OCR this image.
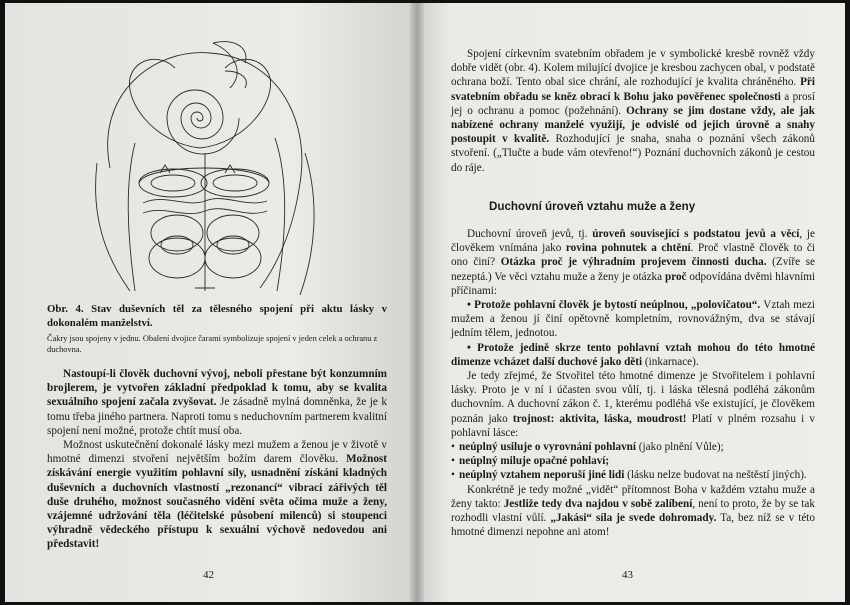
Obr. 4. Stav duševních těl za tělesného spojení při aktu lásky v dokonalém manželství.
Čakry jsou spojeny v jednu. Obalení dvojice čarami symbolizuje spojení v jeden celek a ochranu z duchovna.

Nastoupí-li člověk duchovní vývoj, neboli přestane být konzumním brojlerem, je vytvořen základní předpoklad k tomu, aby se kvalita sexuálního spojení začala zvyšovat. Je zásadně mylná domněnka, že je k tomu třeba jiného partnera. Naproti tomu s neduchovním partnerem kvalitní spojení není možné, protože chtít musí oba.

Možnost uskutečnění dokonalé lásky mezi mužem a ženou je v životě v hmotné dimenzi stvoření největším božím darem člověku. Možnost získávání energie využitím pohlavní síly, usnadnění získání kladných duševních a duchovních vlastností „rezonancí“ vibrací zářivých těl duše druhého, možnost současného vidění světa očima muže a ženy, vzájemné udržování těla (léčitelské působení milenců) si stoupenci výhradně vědeckého přístupu k sexuální výchově nedovedou ani představit!

42

Spojení církevním svatebním obřadem je v symbolické kresbě rovněž vždy dobře vidět (obr. 4). Kolem milující dvojice je kresbou zachycen obal, v podstatě ochrana boží. Tento obal sice chrání, ale rozhodující je kvalita chráněného. Při svatebním obřadu se kněz obrací k Bohu jako pověřenec společnosti a prosí jej o ochranu a pomoc (požehnání). Ochrany se jim dostane vždy, ale jak nabízené ochrany manželé využijí, je odvislé od jejich úrovně a snahy postoupit v kvalitě. Rozhodující je snaha, snaha o poznání všech zákonů stvoření. („Tlučte a bude vám otevřeno!“) Poznání duchovních zákonů je cestou do ráje.

Duchovní úroveň vztahu muže a ženy

Duchovní úroveň jevů, tj. úroveň související s podstatou jevů a věcí, je člověkem vnímána jako rovina pohnutek a chtění. Proč vlastně člověk to či ono činí? Otázka proč je výhradním projevem činnosti ducha. (Zvíře se nezeptá.) Ve věci vztahu muže a ženy je otázka proč odpovídána dvěmi hlavními příčinami:

• Protože pohlavní člověk je bytostí neúplnou, „polovičatou“. Vztah mezi mužem a ženou jí činí opětovně kompletním, rovnovážným, dva se stávají jedním tělem, jednotou.

• Protože jedině skrze tento pohlavní vztah mohou do této hmotné dimenze vcházet další duchové jako děti (inkarnace).

Je tedy zřejmé, že Stvořitel této hmotné dimenze je Stvořitelem i pohlavní lásky. Proto je v ní i účasten svou vůlí, tj. i láska tělesná podléhá zákonům duchovním. A duchovní zákon č. 1, kterému podléhá vše existující, je člověkem poznán jako trojnost: aktivita, láska, moudrost! Platí v plném rozsahu i v pohlavní lásce:

• neúplný usiluje o vyrovnání pohlavní (jako plnění Vůle);
• neúplný miluje opačné pohlaví;
• neúplný vztahem neporuší jiné lidi (lásku nelze budovat na neštěstí jiných).

Konkrétně je tedy možné „vidět“ přítomnost Boha v každém vztahu muže a ženy takto: Jestliže tedy dva najdou v sobě zalíbení, není to proto, že by se tak rozhodli vlastní vůlí. „Jakási“ síla je svede dohromady. Ta, bez níž se v této hmotné dimenzi nepohne ani atom!

43
